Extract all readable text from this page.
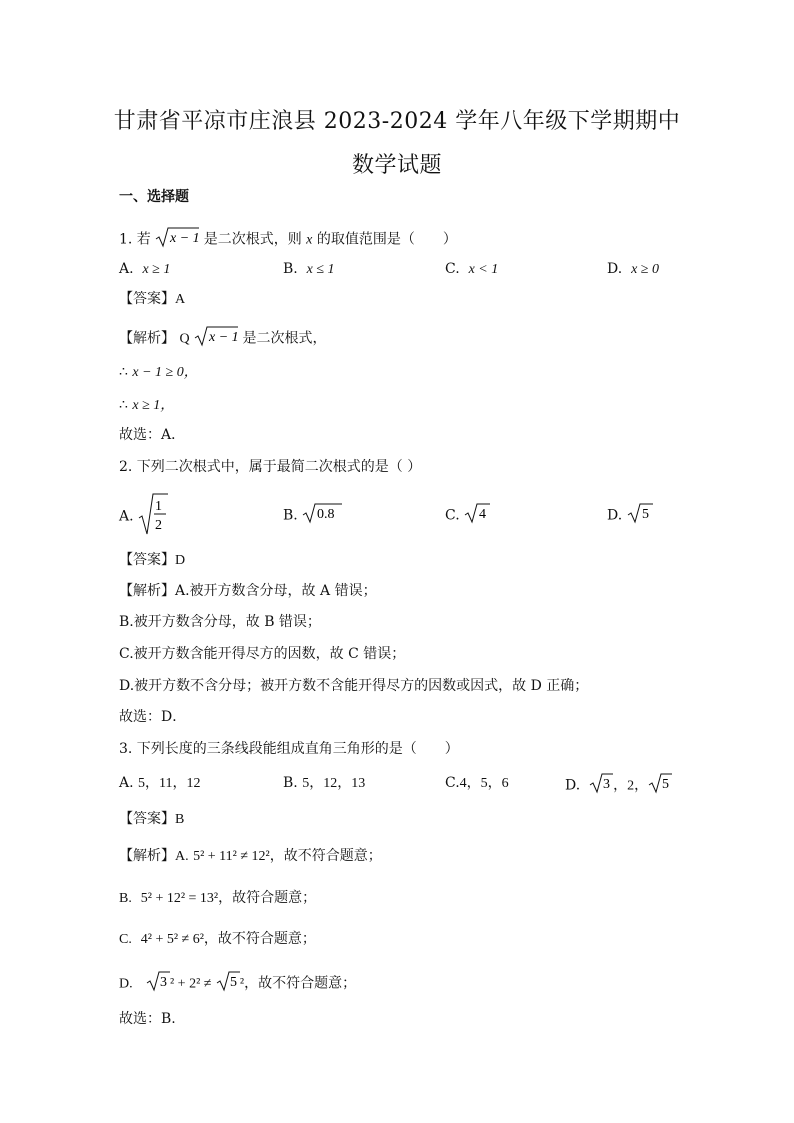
甘肃省平凉市庄浪县 2023-2024 学年八年级下学期期中
数学试题
一、选择题
1. 若 x − 1 是二次根式，则 x 的取值范围是（　　）
A. x ≥ 1	B. x ≤ 1	C. x < 1	D. x ≥ 0
【答案】A
【解析】 Q x − 1 是二次根式，
∴ x − 1 ≥ 0，
∴ x ≥ 1，
故选：A．
2. 下列二次根式中，属于最简二次根式的是（ ）
A.
1
2
B. 0.8	C. 4	D. 5
【答案】D
【解析】A.被开方数含分母，故 A 错误；
B.被开方数含分母，故 B 错误；
C.被开方数含能开得尽方的因数，故 C 错误；
D.被开方数不含分母；被开方数不含能开得尽方的因数或因式，故 D 正确；
故选：D．
3. 下列长度的三条线段能组成直角三角形的是（　　）
A. 5，11，12	B. 5，12，13	C.4，5，6	D. 3 ，2， 5
【答案】B
【解析】A. 5² + 11² ≠ 12²，故不符合题意；
B. 5² + 12² = 13²，故符合题意；
C. 4² + 5² ≠ 6²，故不符合题意；
D. 3 ² + 2² ≠ 5 ²，故不符合题意；
故选：B.
